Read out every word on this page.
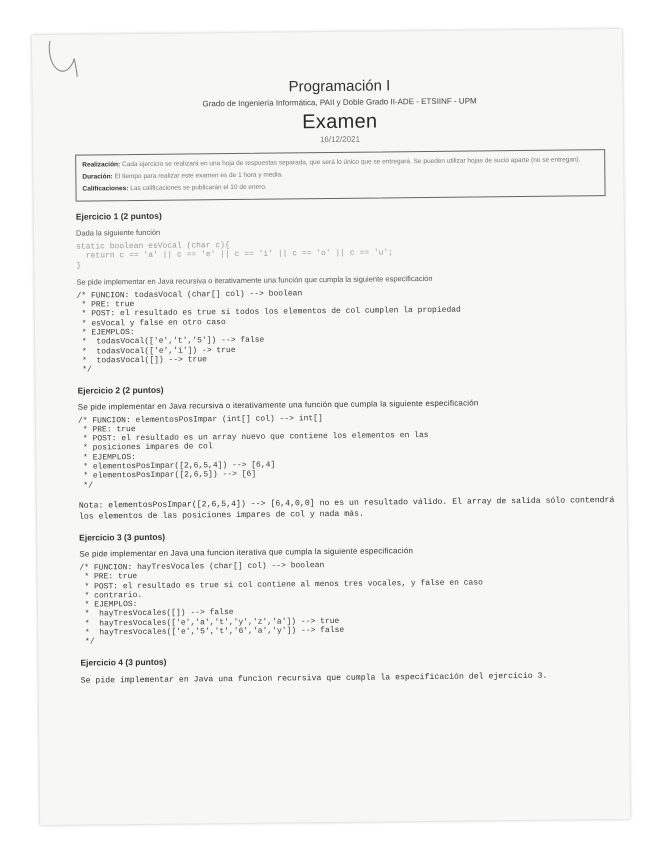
Programación I
Grado de Ingeniería Informática, PAII y Doble Grado II-ADE - ETSIINF - UPM
Examen
16/12/2021
Realización: Cada ejercicio se realizará en una hoja de respuestas separada, que será lo único que se entregará. Se pueden utilizar hojas de sucio aparte (no se entregan).
Duración: El tiempo para realizar este examen es de 1 hora y media.
Calificaciones: Las calificaciones se publicarán el 10 de enero.
Ejercicio 1 (2 puntos)
Dada la siguiente función
static boolean esVocal (char c){
return c == 'a' || c == 'e' || c == 'i' || c == 'o' || c == 'u';
}
Se pide implementar en Java recursiva o iterativamente una función que cumpla la siguiente especificación
/* FUNCION: todasVocal (char[] col) --> boolean
* PRE: true
* POST: el resultado es true si todos los elementos de col cumplen la propiedad
* esVocal y false en otro caso
* EJEMPLOS:
*  todasVocal(['e','t','5']) --> false
*  todasVocal(['e','i']) -> true
*  todasVocal([]) --> true
*/
Ejercicio 2 (2 puntos)
Se pide implementar en Java recursiva o iterativamente una función que cumpla la siguiente especificación
/* FUNCION: elementosPosImpar (int[] col) --> int[]
* PRE: true
* POST: el resultado es un array nuevo que contiene los elementos en las
* posiciones impares de col
* EJEMPLOS:
* elementosPosImpar([2,6,5,4]) --> [6,4]
* elementosPosImpar([2,6,5]) --> [6]
*/
Nota: elementosPosImpar([2,6,5,4]) --> [6,4,0,0] no es un resultado válido. El array de salida sólo contendrá los elementos de las posiciones impares de col y nada más.
Ejercicio 3 (3 puntos)
Se pide implementar en Java una funcion iterativa que cumpla la siguiente especificación
/* FUNCION: hayTresVocales (char[] col) --> boolean
* PRE: true
* POST: el resultado es true si col contiene al menos tres vocales, y false en caso
* contrario.
* EJEMPLOS:
*  hayTresVocales([]) --> false
*  hayTresVocales(['e','a','t','y','z','a']) --> true
*  hayTresVocales(['e','5','t','6','a','y']) --> false
*/
Ejercicio 4 (3 puntos)
Se pide implementar en Java una funcion recursiva que cumpla la especificación del ejercicio 3.
